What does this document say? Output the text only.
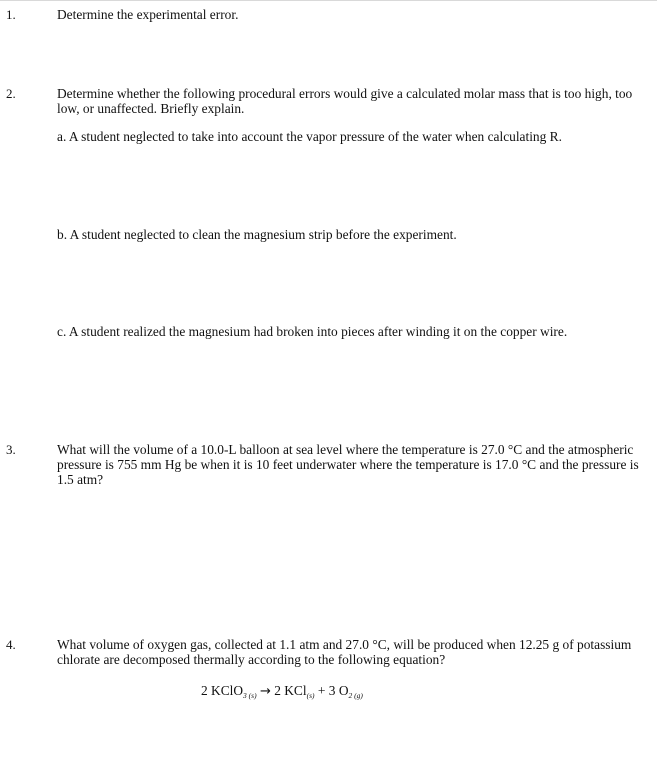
1.	Determine the experimental error.
2.	Determine whether the following procedural errors would give a calculated molar mass that is too high, too low, or unaffected. Briefly explain.
a. A student neglected to take into account the vapor pressure of the water when calculating R.
b. A student neglected to clean the magnesium strip before the experiment.
c. A student realized the magnesium had broken into pieces after winding it on the copper wire.
3.	What will the volume of a 10.0-L balloon at sea level where the temperature is 27.0 °C and the atmospheric pressure is 755 mm Hg be when it is 10 feet underwater where the temperature is 17.0 °C and the pressure is 1.5 atm?
4.	What volume of oxygen gas, collected at 1.1 atm and 27.0 °C, will be produced when 12.25 g of potassium chlorate are decomposed thermally according to the following equation?
2 KClO$_{3 (s)}$ → 2 KCl$_{(s)}$ + 3 $O_{2 (g)}$
